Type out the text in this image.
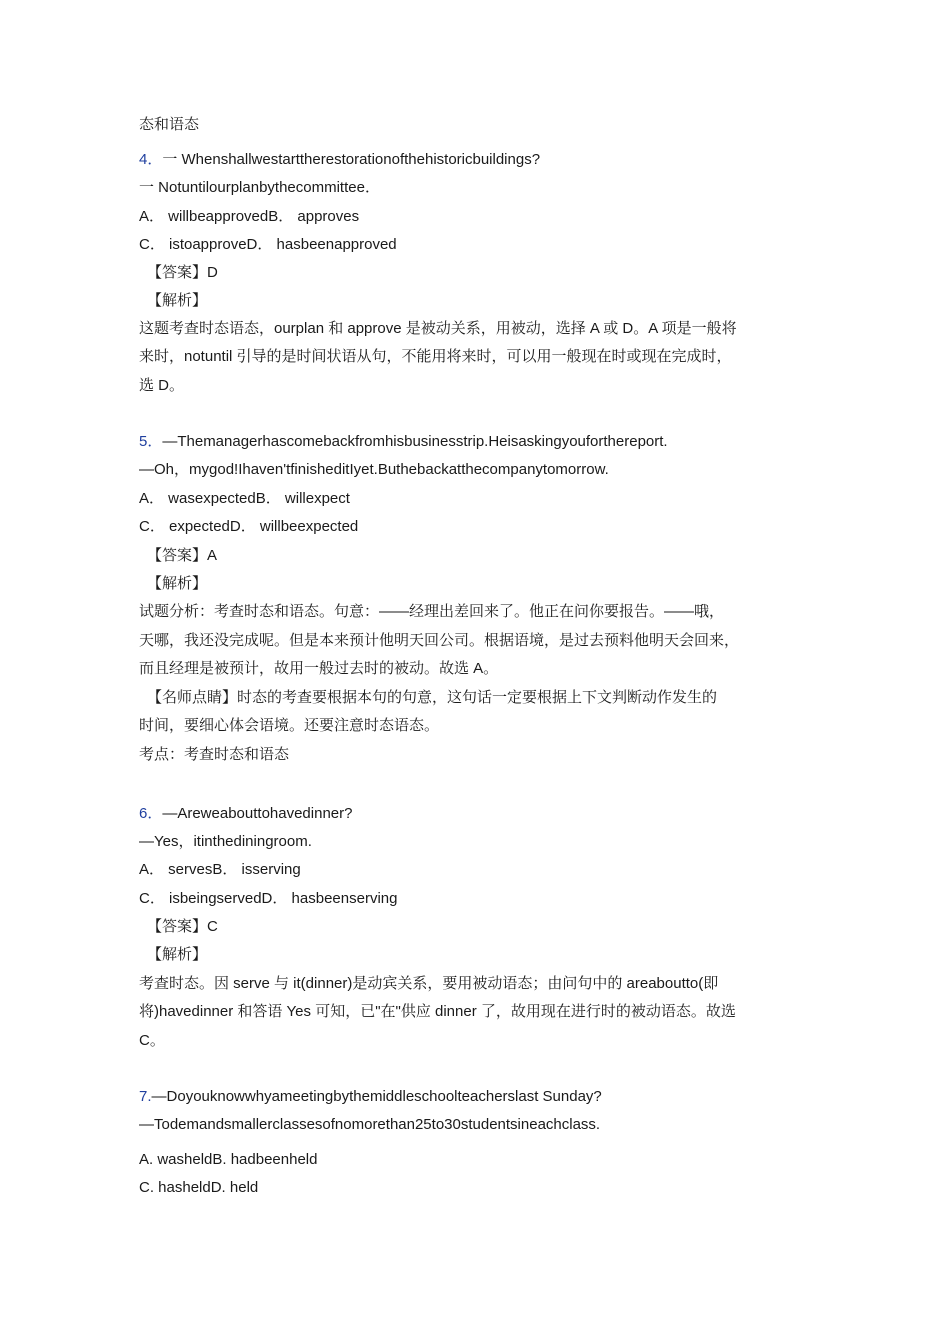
态和语态
4．一 Whenshallwestarttherestorationofthehistoricbuildings?
一 Notuntilourplanbythecommittee．
A． willbeapprovedB． approves
C． istoapproveD． hasbeenapproved
【答案】D
【解析】
这题考查时态语态，ourplan 和 approve 是被动关系，用被动，选择 A 或 D。A 项是一般将
来时，notuntil 引导的是时间状语从句，不能用将来时，可以用一般现在时或现在完成时，
选 D。
5．—Themanagerhascomebackfromhisbusinesstrip.Heisaskingyouforthereport.
—Oh，mygod!Ihaven'tfinisheditIyet.Buthebackatthecompanytomorrow.
A． wasexpectedB． willexpect
C． expectedD． willbeexpected
【答案】A
【解析】
试题分析：考查时态和语态。句意：——经理出差回来了。他正在问你要报告。——哦，
天哪，我还没完成呢。但是本来预计他明天回公司。根据语境，是过去预料他明天会回来，
而且经理是被预计，故用一般过去时的被动。故选 A。
【名师点睛】时态的考查要根据本句的句意，这句话一定要根据上下文判断动作发生的
时间，要细心体会语境。还要注意时态语态。
考点：考查时态和语态
6．—Areweabouttohavedinner?
—Yes，itinthediningroom.
A． servesB． isserving
C． isbeingservedD． hasbeenserving
【答案】C
【解析】
考查时态。因 serve 与 it(dinner)是动宾关系，要用被动语态；由问句中的 areaboutto(即
将)havedinner 和答语 Yes 可知，已"在"供应 dinner 了，故用现在进行时的被动语态。故选
C。
7.—Doyouknowwhyameetingbythemiddleschoolteacherslast Sunday?
—Todemandsmallerclassesofnomorethan25to30studentsineachclass.
A. washeldB. hadbeenheld
C. hasheldD. held
